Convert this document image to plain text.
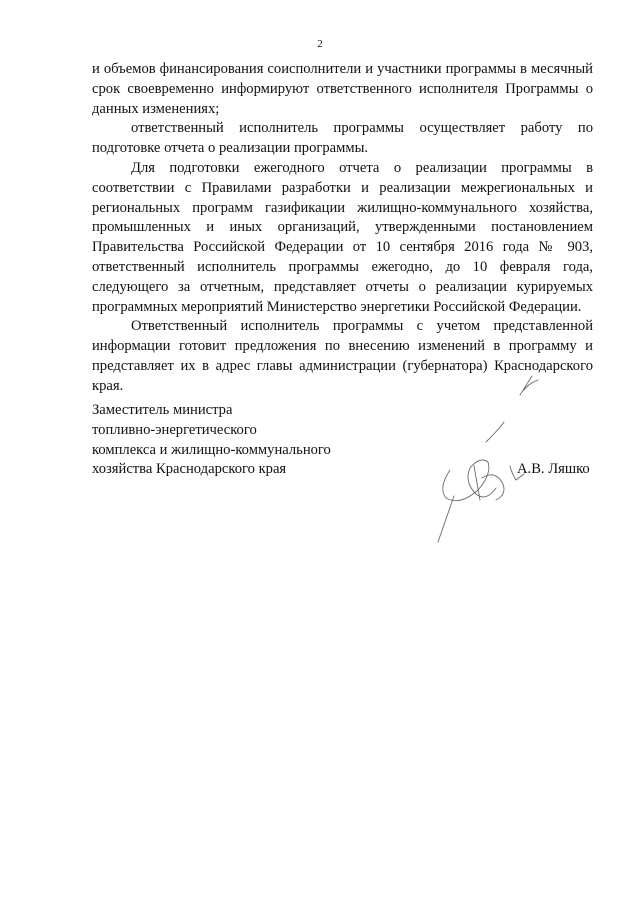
2

и объемов финансирования соисполнители и участники программы в месячный срок своевременно информируют ответственного исполнителя Программы о данных изменениях;

ответственный исполнитель программы осуществляет работу по подготовке отчета о реализации программы.

Для подготовки ежегодного отчета о реализации программы в соответствии с Правилами разработки и реализации межрегиональных и региональных программ газификации жилищно-коммунального хозяйства, промышленных и иных организаций, утвержденными постановлением Правительства Российской Федерации от 10 сентября 2016 года № 903, ответственный исполнитель программы ежегодно, до 10 февраля года, следующего за отчетным, представляет отчеты о реализации курируемых программных мероприятий Министерство энергетики Российской Федерации.

Ответственный исполнитель программы с учетом представленной информации готовит предложения по внесению изменений в программу и представляет их в адрес главы администрации (губернатора) Краснодарского края.

Заместитель министра
топливно-энергетического
комплекса и жилищно-коммунального
хозяйства Краснодарского края	А.В. Ляшко
